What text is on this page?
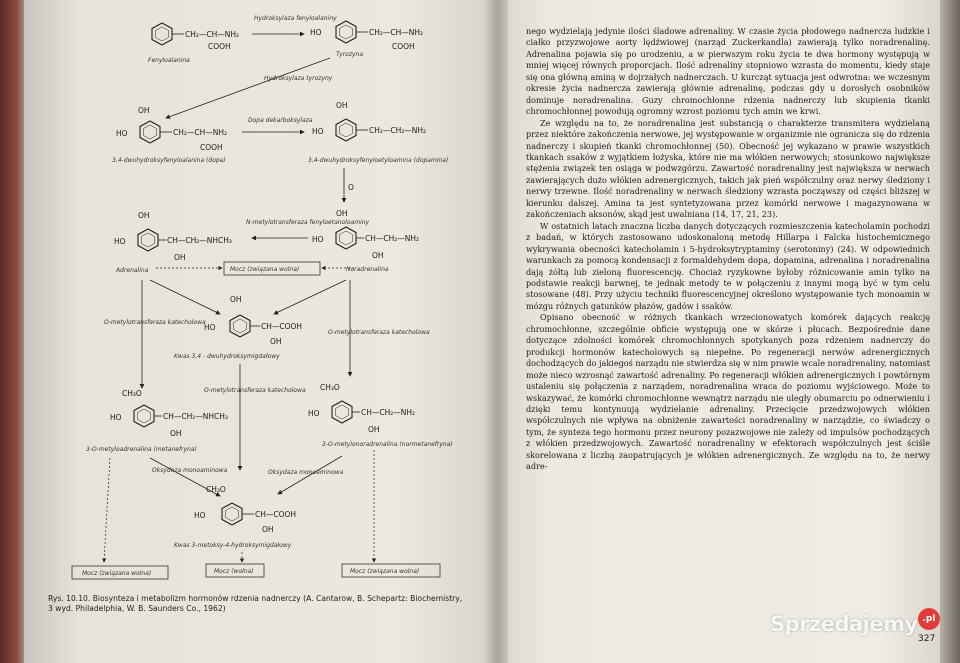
CH₂—CH—NH₂
COOH
Fenyloalanina
Hydroksylaza fenyloalaniny
HO	CH₂—CH—NH₂
COOH
Tyrozyna
Hydroksylaza tyrozyny
OH
HO	CH₂—CH—NH₂
COOH
3,4-dwuhydroksyfenyloalanina (dopa)
Dopa dekarboksylaza
OH
HO	CH₂—CH₂—NH₂
3,4-dwuhydroksyfenyloetyloamina (dopamina)
O
OH
HO	CH—CH₂—NH₂
OH
Noradrenalina
N-metylotransferaza fenyloetanoloaminy
OH
HO	CH—CH₂—NHCH₃
OH
Adrenalina	Mocz (związana wolna)
OH
HO	CH—COOH
OH
Kwas 3,4 - dwuhydroksymigdałowy
O-metylotransferaza katecholowa
O-metylotransferaza katecholowa
O-metylotransferaza katecholowa
CH₃O
HO	CH—CH₂—NHCH₃
OH
3-O-metyloadrenalina (metanefryna)
CH₃O
HO	CH—CH₂—NH₂
OH
3-O-metylonoradrenalina (normetanefryna)
Oksydaza monoaminowa	Oksydaza monoaminowa
CH₃O
HO	CH—COOH
OH
Kwas 3-metoksy-4-hydroksymigdałowy
Mocz (związana wolna)	Mocz (wolna)	Mocz (związana wolna)
Rys. 10.10. Biosynteza i metabolizm hormonów rdzenia nadnerczy (A. Cantarow, B. Schepartz: Biochemistry, 3 wyd. Philadelphia, W. B. Saunders Co., 1962)

nego wydzielają jedynie ilości śladowe adrenaliny. W czasie życia płodowego nadnercza ludzkie i ciałko przyzwojowe aorty lędźwiowej (narząd Zuckerkandla) zawierają tylko noradrenalinę. Adrenalina pojawia się po urodzeniu, a w pierwszym roku życia te dwa hormony występują w mniej więcej równych proporcjach. Ilość adrenaliny stopniowo wzrasta do momentu, kiedy staje się ona główną aminą w dojrzałych nadnerczach. U kurcząt sytuacja jest odwrotna: we wczesnym okresie życia nadnercza zawierają głównie adrenalinę, podczas gdy u dorosłych osobników dominuje noradrenalina. Guzy chromochłonne rdzenia nadnerczy lub skupienia tkanki chromochłonnej powodują ogromny wzrost poziomu tych amin we krwi.

Ze względu na to, że noradrenalina jest substancją o charakterze transmitera wydzielaną przez niektóre zakończenia nerwowe, jej występowanie w organizmie nie ogranicza się do rdzenia nadnerczy i skupień tkanki chromochłonnej (50). Obecność jej wykazano w prawie wszystkich tkankach ssaków z wyjątkiem łożyska, które nie ma włókien nerwowych; stosunkowo największe stężenia związek ten osiąga w podwzgórzu. Zawartość noradrenaliny jest największa w nerwach zawierających dużo włókien adrenergicznych, takich jak pień współczulny oraz nerwy śledziony i nerwy trzewne. Ilość noradrenaliny w nerwach śledziony wzrasta począwszy od części bliższej w kierunku dalszej. Amina ta jest syntetyzowana przez komórki nerwowe i magazynowana w zakończeniach aksonów, skąd jest uwalniana (14, 17, 21, 23).

W ostatnich latach znaczna liczba danych dotyczących rozmieszczenia katecholamin pochodzi z badań, w których zastosowano udoskonaloną metodę Hillarpa i Falcka histochemicznego wykrywania obecności katecholamin i 5-hydroksytryptaminy (serotoniny) (24). W odpowiednich warunkach za pomocą kondensacji z formaldehydem dopa, dopamina, adrenalina i noradrenalina dają żółtą lub zieloną fluorescencję. Chociaż ryzykowne byłoby różnicowanie amin tylko na podstawie reakcji barwnej, te jednak metody te w połączeniu z innymi mogą być w tym celu stosowane (48). Przy użyciu techniki fluorescencyjnej określono występowanie tych monoamin w mózgu różnych gatunków płazów, gadów i ssaków.

Opisano obecność w różnych tkankach wrzecionowatych komórek dających reakcję chromochłonne, szczególnie obficie występują one w skórze i płucach. Bezpośrednie dane dotyczące zdolności komórek chromochłonnych spotykanych poza rdzeniem nadnerczy do produkcji hormonów katecholowych są niepełne. Po regeneracji nerwów adrenergicznych dochodzących do jakiegoś narządu nie stwierdza się w nim prawie wcale noradrenaliny, natomiast może nieco wzrosnąć zawartość adrenaliny. Po regeneracji włókien adrenergicznych i powtórnym ustaleniu się połączenia z narządem, noradrenalina wraca do poziomu wyjściowego. Może to wskazywać, że komórki chromochłonne wewnątrz narządu nie uległy obumarciu po odnerwieniu i dzięki temu kontynuują wydzielanie adrenaliny. Przecięcie przedzwojowych włókien współczulnych nie wpływa na obniżenie zawartości noradrenaliny w narządzie, co świadczy o tym, że synteza tego hormonu przez neurony pozazwojowe nie zależy od impulsów pochodzących z włókien przedzwojowych. Zawartość noradrenaliny w efektorach współczulnych jest ściśle skorelowana z liczbą zaopatrujących je włókien adrenergicznych. Ze względu na to, że nerwy adre-

Sprzedajemy .pl
327
